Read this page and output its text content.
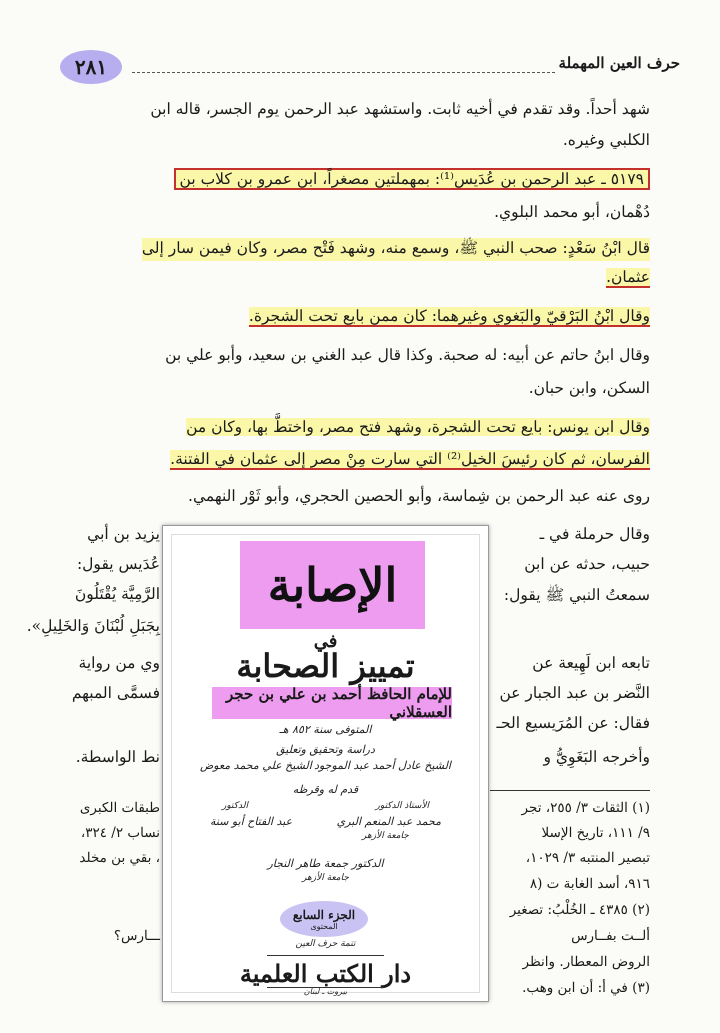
٢٨١	حرف العين المهملة
شهد أحداً. وقد تقدم في أخيه ثابت. واستشهد عبد الرحمن يوم الجسر، قاله ابن
الكلبي وغيره.
٥١٧٩ ـ عبد الرحمن بن عُدَيس⁽¹⁾: بمهملتين مصغراً، ابن عمرو بن كلاب بن
دُهْمان، أبو محمد البلوي.
قال ابْنُ سَعْدٍ: صحب النبي ﷺ، وسمع منه، وشهد فَتْح مصر، وكان فيمن سار إلى
عثمان.
وقال ابْنُ البَرْقيّ والبَغوي وغيرهما: كان ممن بايع تحت الشجرة.
وقال ابنُ حاتم عن أبيه: له صحبة. وكذا قال عبد الغني بن سعيد، وأبو علي بن
السكن، وابن حبان.
وقال ابن يونس: بايع تحت الشجرة، وشهد فتح مصر، واختطَّ بها، وكان من
الفرسان، ثم كان رئيسَ الخيل⁽²⁾ التي سارت مِنْ مصر إلى عثمان في الفتنة.
روى عنه عبد الرحمن بن شِماسة، وأبو الحصين الحجري، وأبو ثَوْر النهمي.
يزيد بن أبي	وقال حرملة في ـ
حبيب، حدثه عن ابن
عُدَيس يقول:
سمعتُ النبي ﷺ يقول:
الرَّمِيَّة يُقْتَلُونَ
بِجَبَلِ لُبْنَانَ وَالخَلِيلِ».
تابعه ابن لَهِيعة عن
وي من رواية
النَّضر بن عبد الجبار عن
فسمَّى المبهم
فقال: عن المُرَيسيع الحـ
وأخرجه البَغَوِيُّ و
نط الواسطة.
(١) الثقات ٣/ ٢٥٥، تجر
طبقات الكبرى
٩/ ١١١، تاريخ الإسلا
نساب ٢/ ٣٢٤،
تبصير المنتبه ٣/ ١٠٢٩،
، بقي بن مخلد
٩١٦، أسد الغابة ت (٨
(٢) ٤٣٨٥ ـ الخُلْبُ: تصغير
ألــت بفــارس
ـــارس؟
الروض المعطار. وانظر
(٣) في أ: أن ابن وهب.
الإصابة
في
تمييز الصحابة
للإمام الحافظ أحمد بن علي بن حجر العسقلاني
المتوفى سنة ٨٥٢ هـ
دراسة وتحقيق وتعليق
الشيخ عادل أحمد عبد الموجود
الشيخ علي محمد معوض
قدم له وقرظه
الأستاذ الدكتور
الدكتور
محمد عبد المنعم البري
عبد الفتاح أبو سنة
جامعة الأزهر
الدكتور جمعة طاهر النجار
جامعة الأزهر
الجزء السابع
المحتوى
تتمة حرف العين
دار الكتب العلمية
بيروت ـ لبنان
